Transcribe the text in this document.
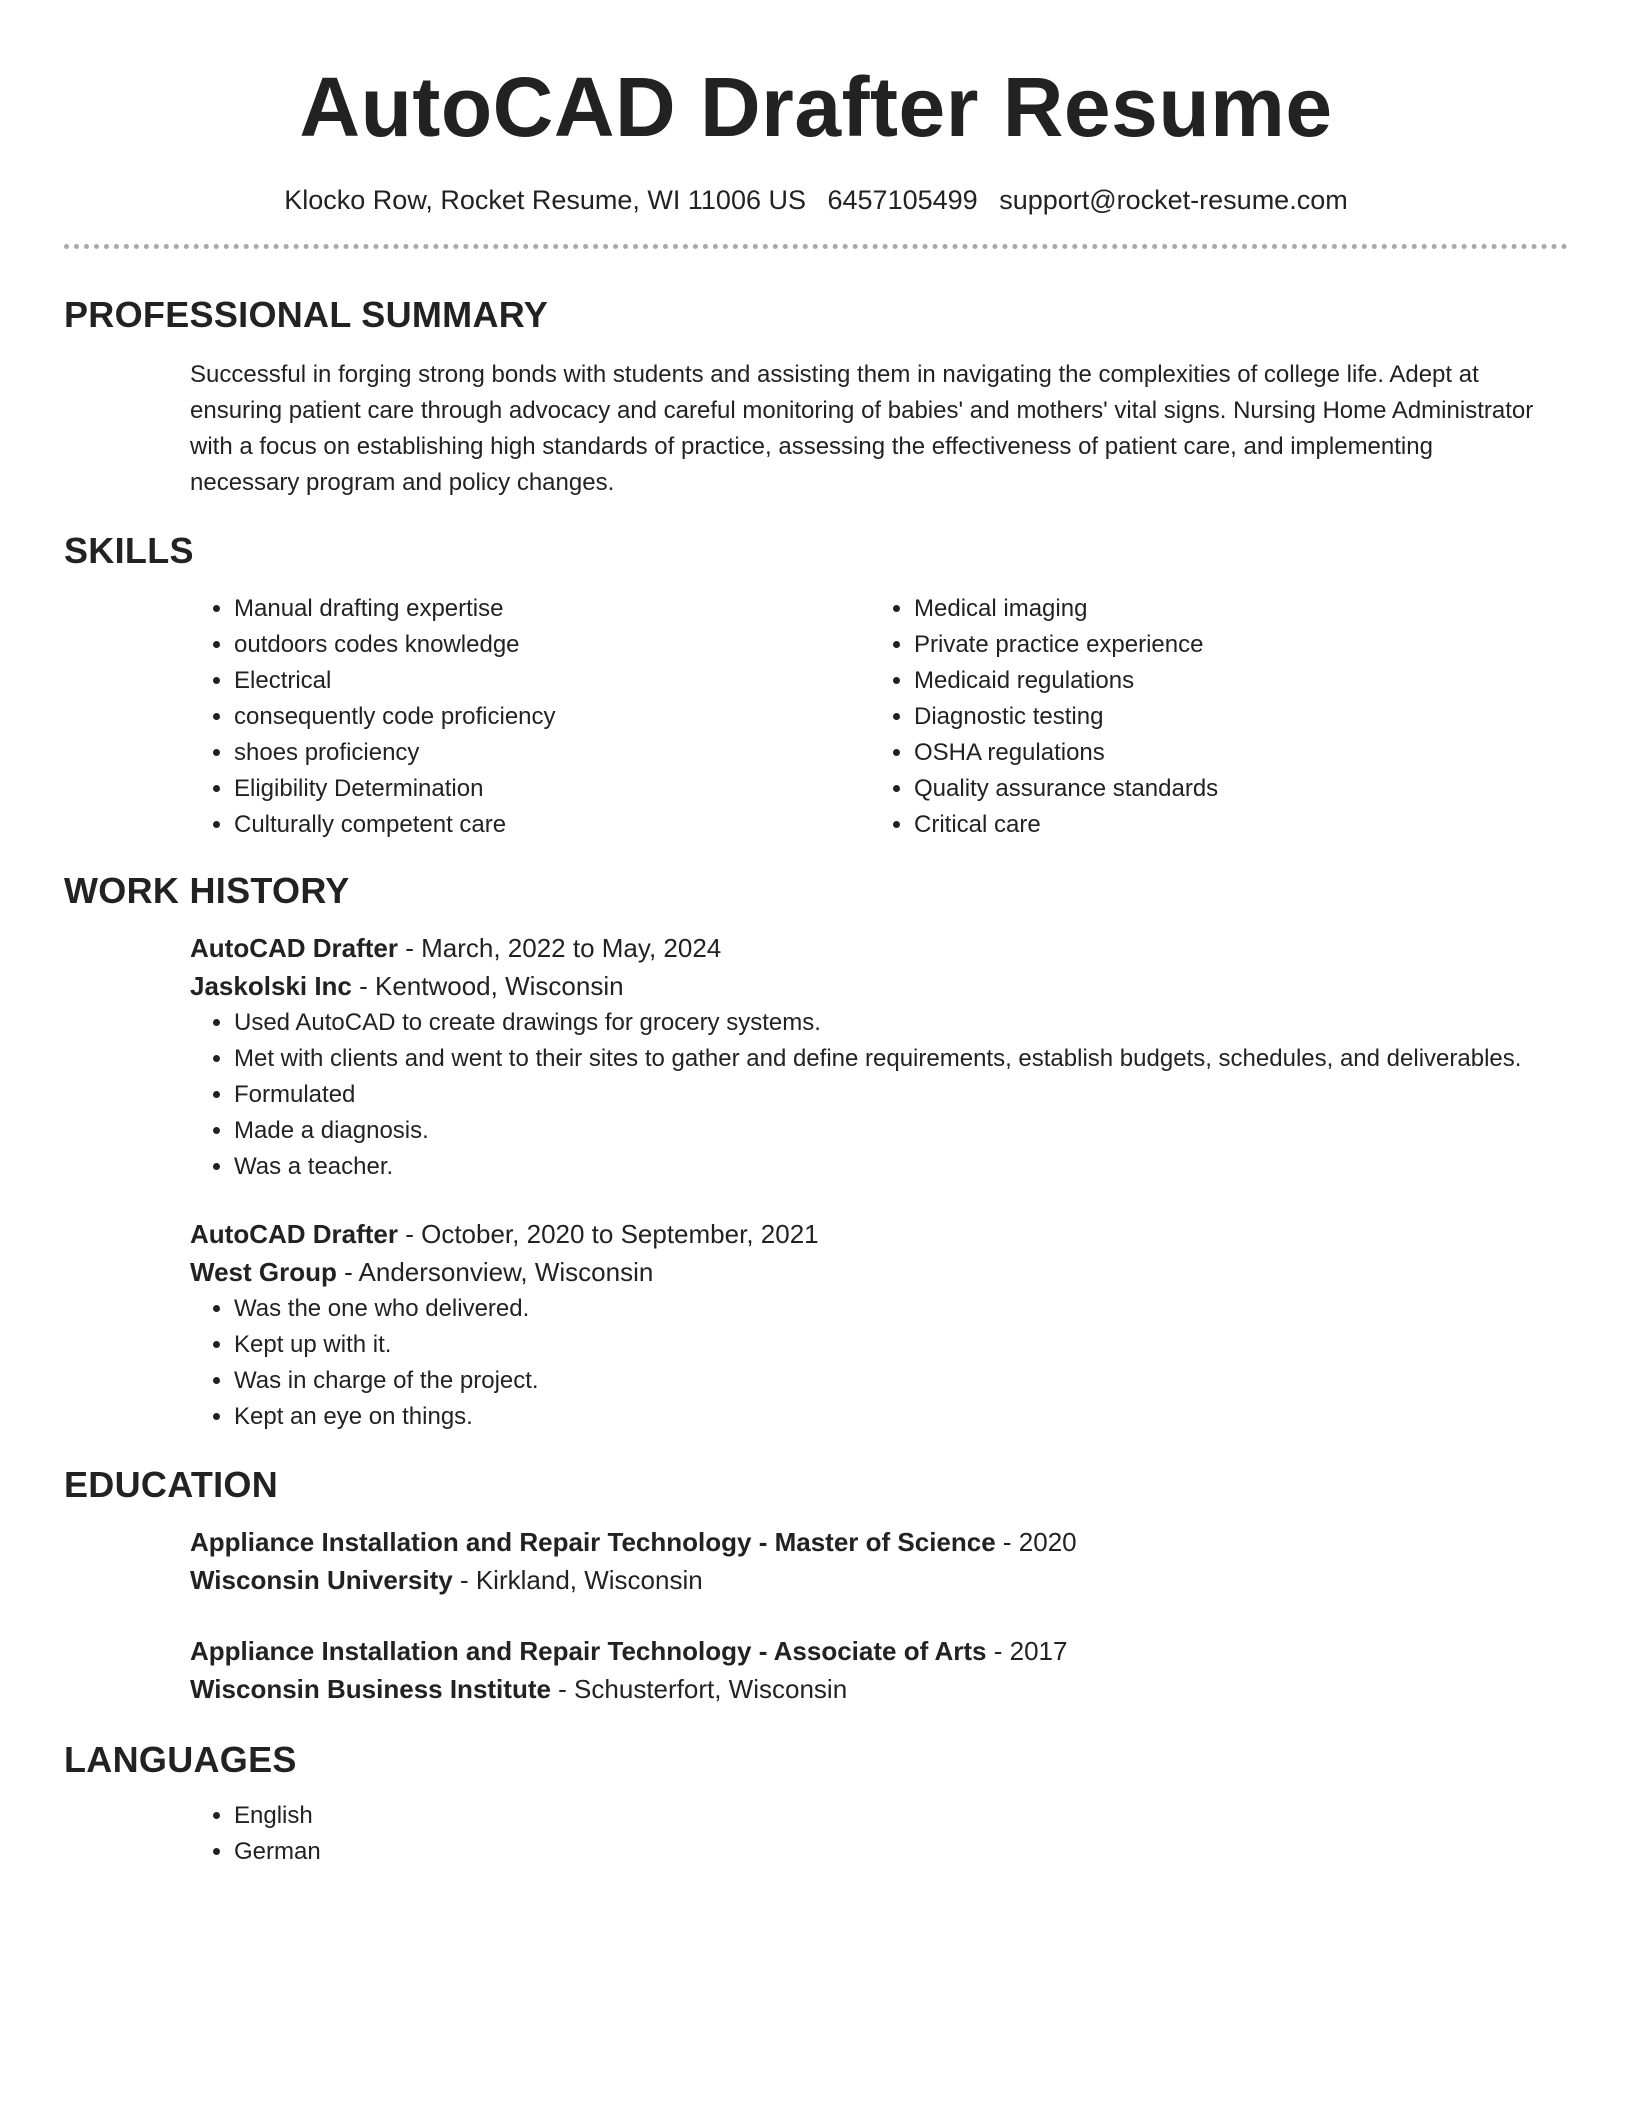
AutoCAD Drafter Resume
Klocko Row, Rocket Resume, WI 11006 US 6457105499 support@rocket-resume.com
PROFESSIONAL SUMMARY
Successful in forging strong bonds with students and assisting them in navigating the complexities of college life. Adept at ensuring patient care through advocacy and careful monitoring of babies' and mothers' vital signs. Nursing Home Administrator with a focus on establishing high standards of practice, assessing the effectiveness of patient care, and implementing necessary program and policy changes.
SKILLS
• Manual drafting expertise
• outdoors codes knowledge
• Electrical
• consequently code proficiency
• shoes proficiency
• Eligibility Determination
• Culturally competent care
• Medical imaging
• Private practice experience
• Medicaid regulations
• Diagnostic testing
• OSHA regulations
• Quality assurance standards
• Critical care
WORK HISTORY
AutoCAD Drafter - March, 2022 to May, 2024
Jaskolski Inc - Kentwood, Wisconsin
• Used AutoCAD to create drawings for grocery systems.
• Met with clients and went to their sites to gather and define requirements, establish budgets, schedules, and deliverables.
• Formulated
• Made a diagnosis.
• Was a teacher.
AutoCAD Drafter - October, 2020 to September, 2021
West Group - Andersonview, Wisconsin
• Was the one who delivered.
• Kept up with it.
• Was in charge of the project.
• Kept an eye on things.
EDUCATION
Appliance Installation and Repair Technology - Master of Science - 2020
Wisconsin University - Kirkland, Wisconsin
Appliance Installation and Repair Technology - Associate of Arts - 2017
Wisconsin Business Institute - Schusterfort, Wisconsin
LANGUAGES
• English
• German
